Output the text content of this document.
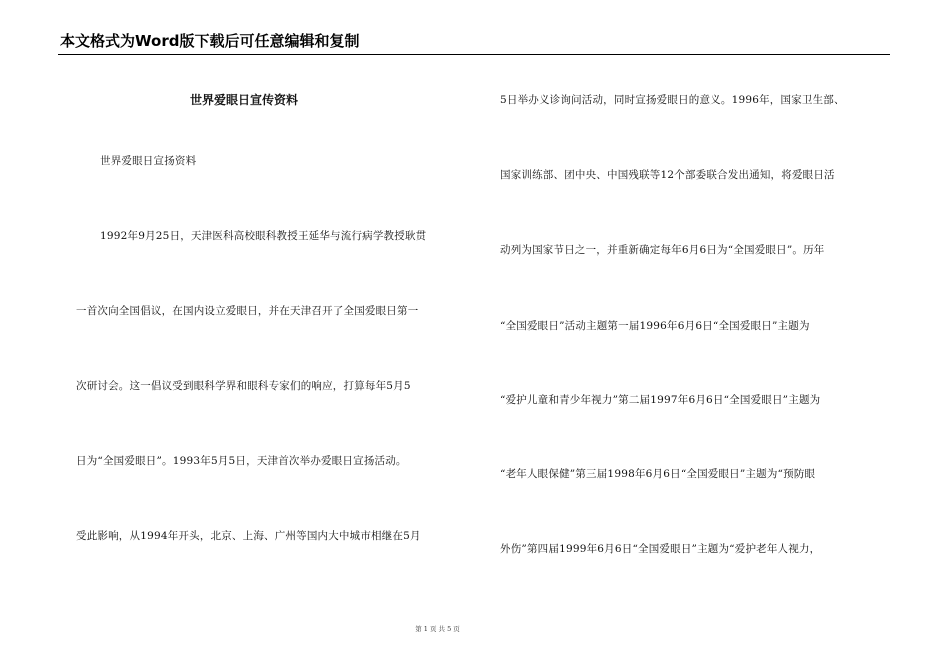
本文格式为Word版下载后可任意编辑和复制
世界爱眼日宣传资料
世界爱眼日宣扬资料
1992年9月25日，天津医科高校眼科教授王延华与流行病学教授耿贯
一首次向全国倡议，在国内设立爱眼日，并在天津召开了全国爱眼日第一
次研讨会。这一倡议受到眼科学界和眼科专家们的响应，打算每年5月5
日为“全国爱眼日”。1993年5月5日，天津首次举办爱眼日宣扬活动。
受此影响，从1994年开头，北京、上海、广州等国内大中城市相继在5月
5日举办义诊询问活动，同时宣扬爱眼日的意义。1996年，国家卫生部、
国家训练部、团中央、中国残联等12个部委联合发出通知，将爱眼日活
动列为国家节日之一，并重新确定每年6月6日为“全国爱眼日”。历年
“全国爱眼日”活动主题第一届1996年6月6日“全国爱眼日”主题为
“爱护儿童和青少年视力”第二届1997年6月6日“全国爱眼日”主题为
“老年人眼保健”第三届1998年6月6日“全国爱眼日”主题为“预防眼
外伤”第四届1999年6月6日“全国爱眼日”主题为“爱护老年人视力，
第 1 页 共 5 页
